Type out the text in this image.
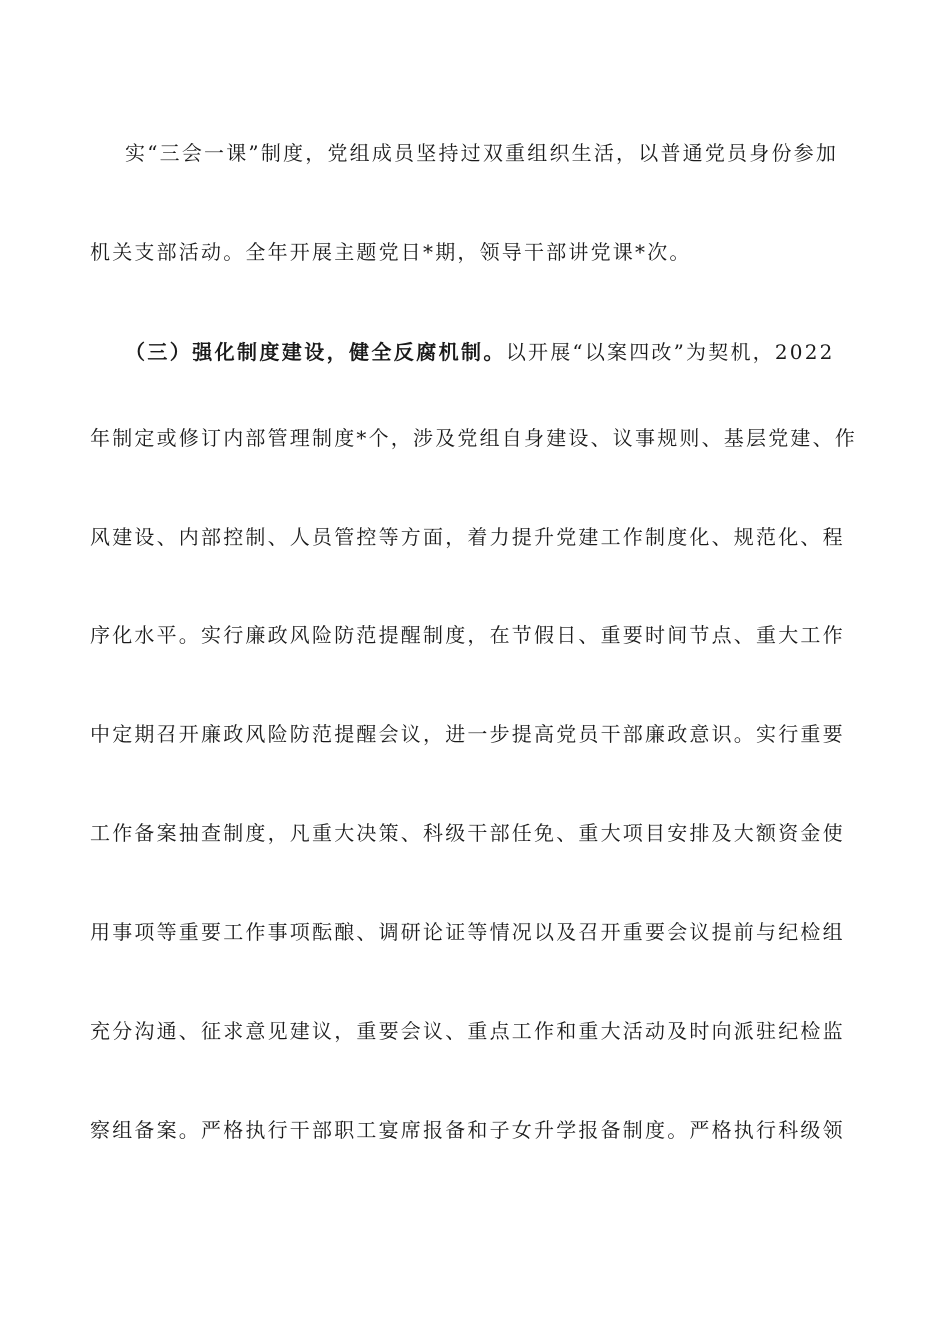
实“三会一课”制度，党组成员坚持过双重组织生活，以普通党员身份参加
机关支部活动。全年开展主题党日*期，领导干部讲党课*次。
（三）强化制度建设，健全反腐机制。以开展“以案四改”为契机，2022
年制定或修订内部管理制度*个，涉及党组自身建设、议事规则、基层党建、作
风建设、内部控制、人员管控等方面，着力提升党建工作制度化、规范化、程
序化水平。实行廉政风险防范提醒制度，在节假日、重要时间节点、重大工作
中定期召开廉政风险防范提醒会议，进一步提高党员干部廉政意识。实行重要
工作备案抽查制度，凡重大决策、科级干部任免、重大项目安排及大额资金使
用事项等重要工作事项酝酿、调研论证等情况以及召开重要会议提前与纪检组
充分沟通、征求意见建议，重要会议、重点工作和重大活动及时向派驻纪检监
察组备案。严格执行干部职工宴席报备和子女升学报备制度。严格执行科级领
